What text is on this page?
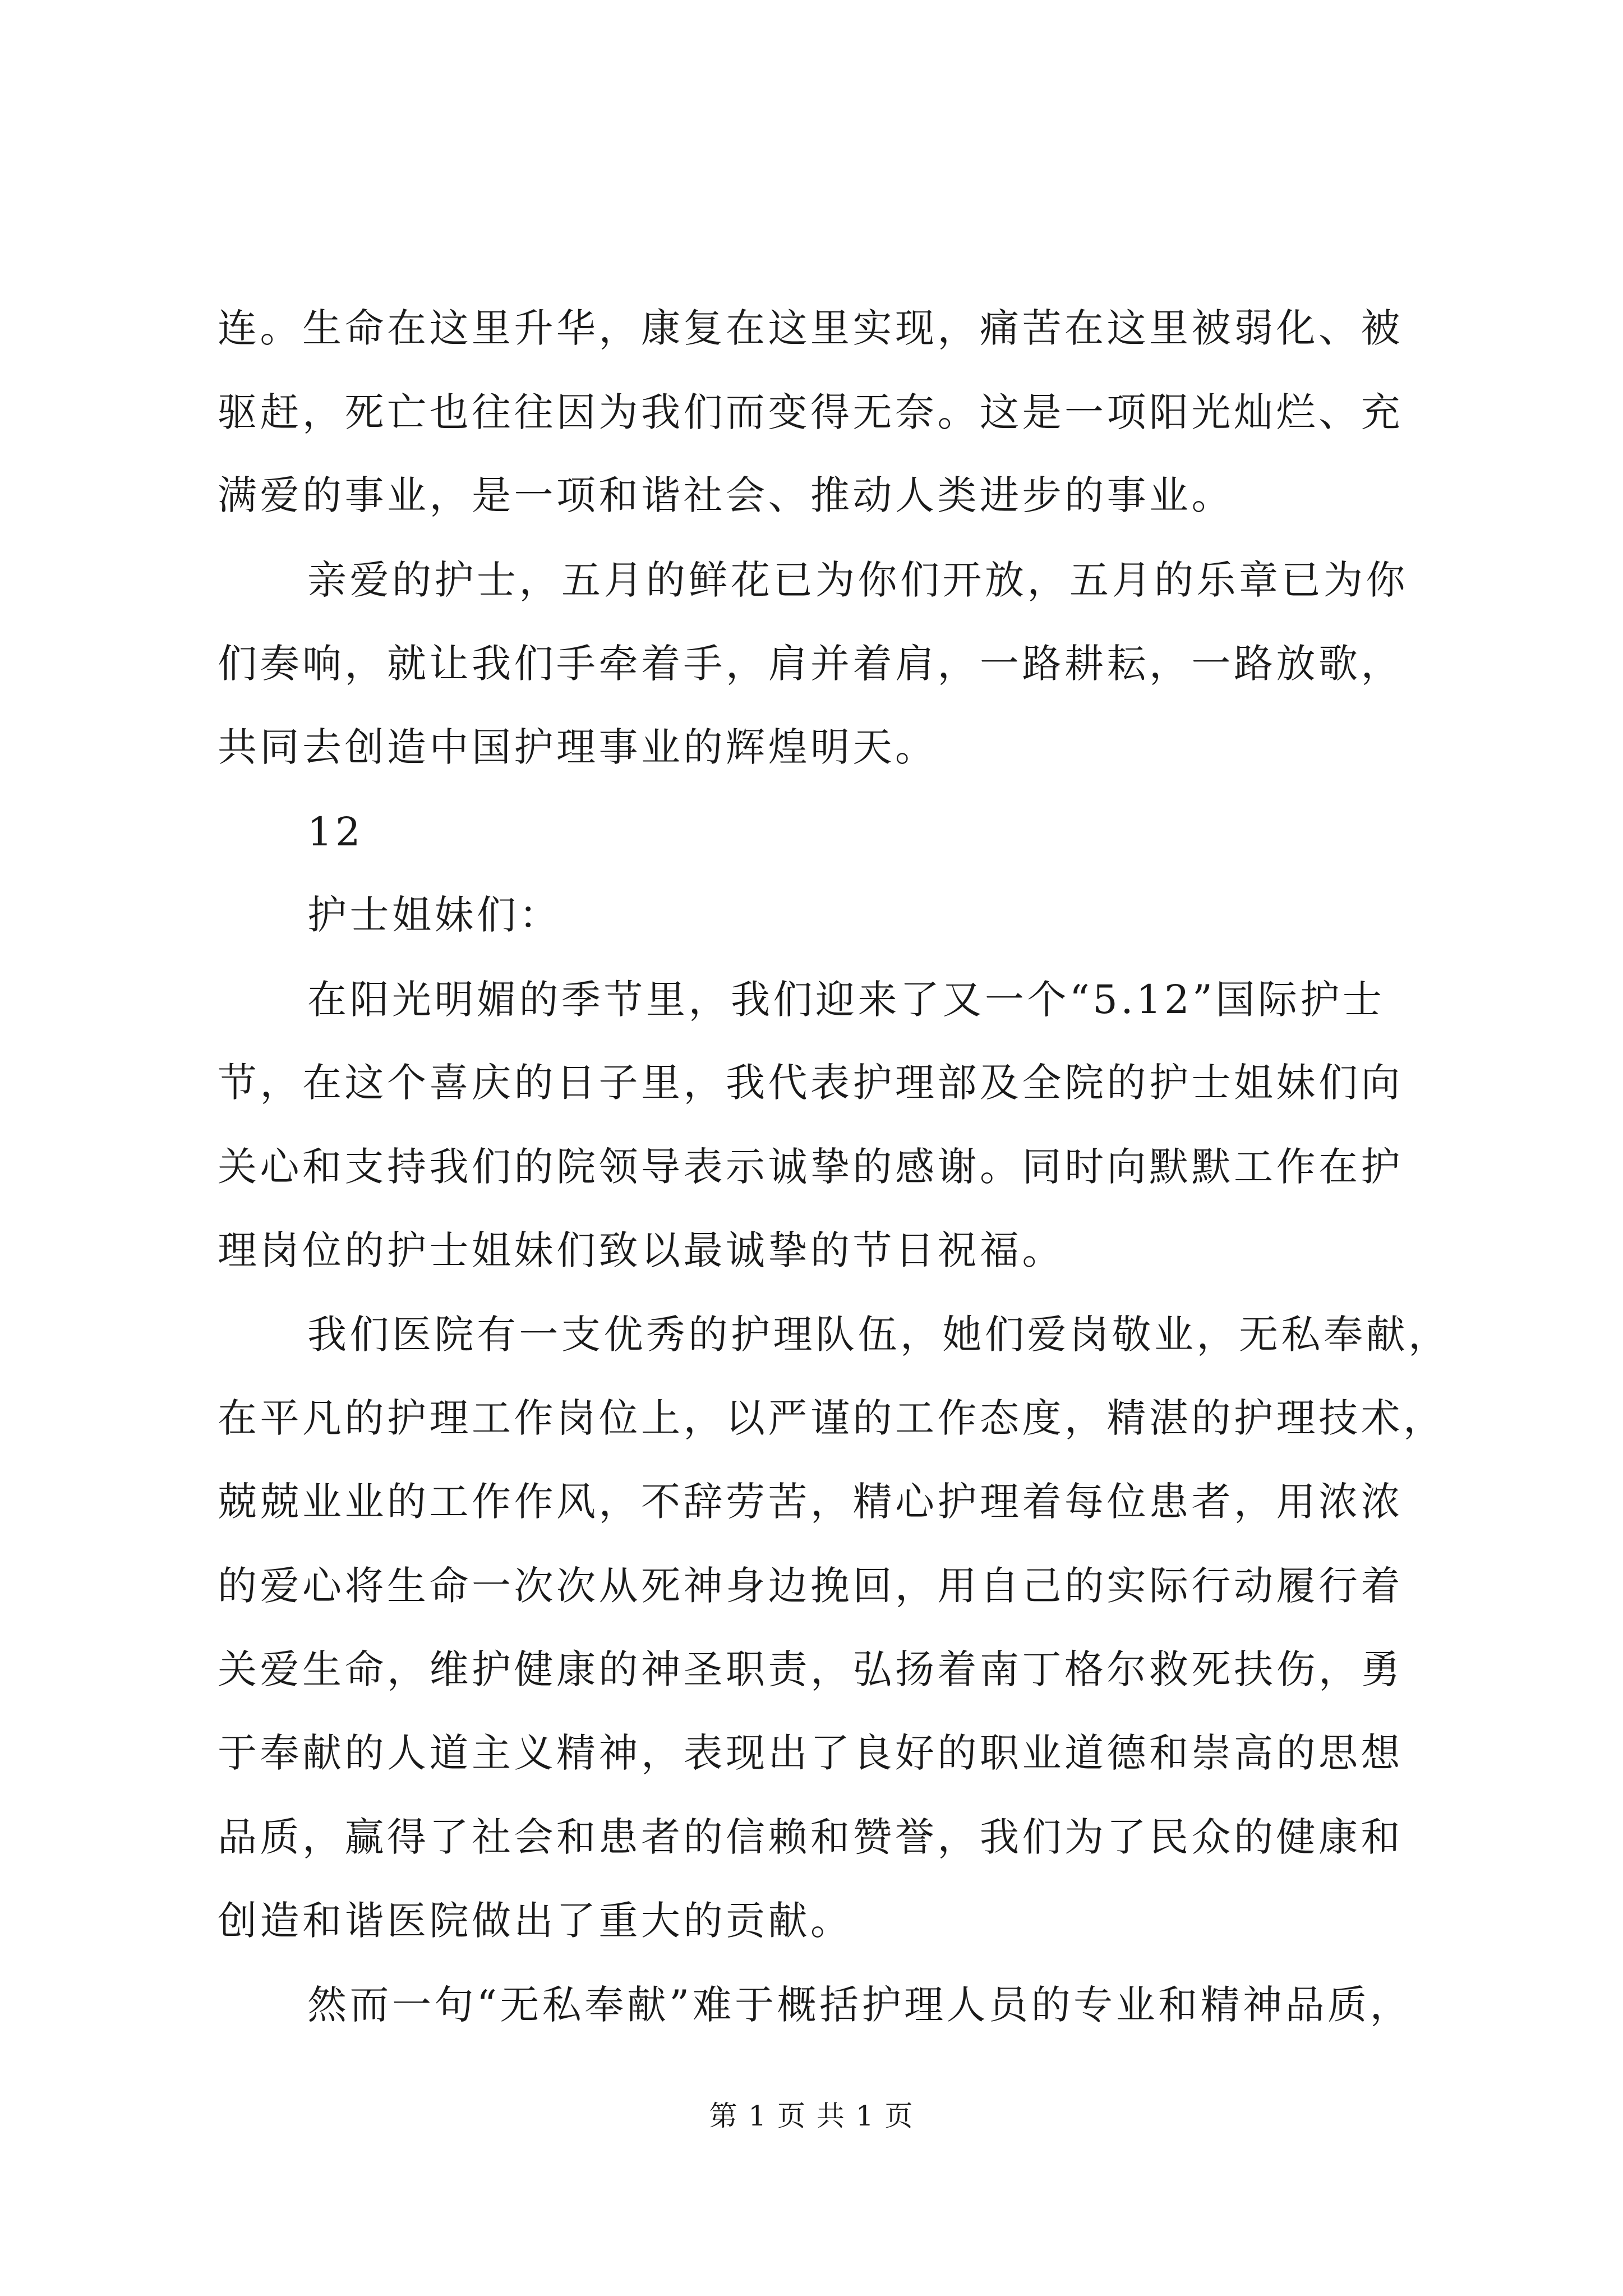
连。生命在这里升华，康复在这里实现，痛苦在这里被弱化、被
驱赶，死亡也往往因为我们而变得无奈。这是一项阳光灿烂、充
满爱的事业，是一项和谐社会、推动人类进步的事业。
亲爱的护士，五月的鲜花已为你们开放，五月的乐章已为你
们奏响，就让我们手牵着手，肩并着肩，一路耕耘，一路放歌，
共同去创造中国护理事业的辉煌明天。
12
护士姐妹们：
在阳光明媚的季节里，我们迎来了又一个“5.12”国际护士
节，在这个喜庆的日子里，我代表护理部及全院的护士姐妹们向
关心和支持我们的院领导表示诚挚的感谢。同时向默默工作在护
理岗位的护士姐妹们致以最诚挚的节日祝福。
我们医院有一支优秀的护理队伍，她们爱岗敬业，无私奉献，
在平凡的护理工作岗位上，以严谨的工作态度，精湛的护理技术，
兢兢业业的工作作风，不辞劳苦，精心护理着每位患者，用浓浓
的爱心将生命一次次从死神身边挽回，用自己的实际行动履行着
关爱生命，维护健康的神圣职责，弘扬着南丁格尔救死扶伤，勇
于奉献的人道主义精神，表现出了良好的职业道德和崇高的思想
品质，赢得了社会和患者的信赖和赞誉，我们为了民众的健康和
创造和谐医院做出了重大的贡献。
然而一句“无私奉献”难于概括护理人员的专业和精神品质，
第 1 页 共 1 页
